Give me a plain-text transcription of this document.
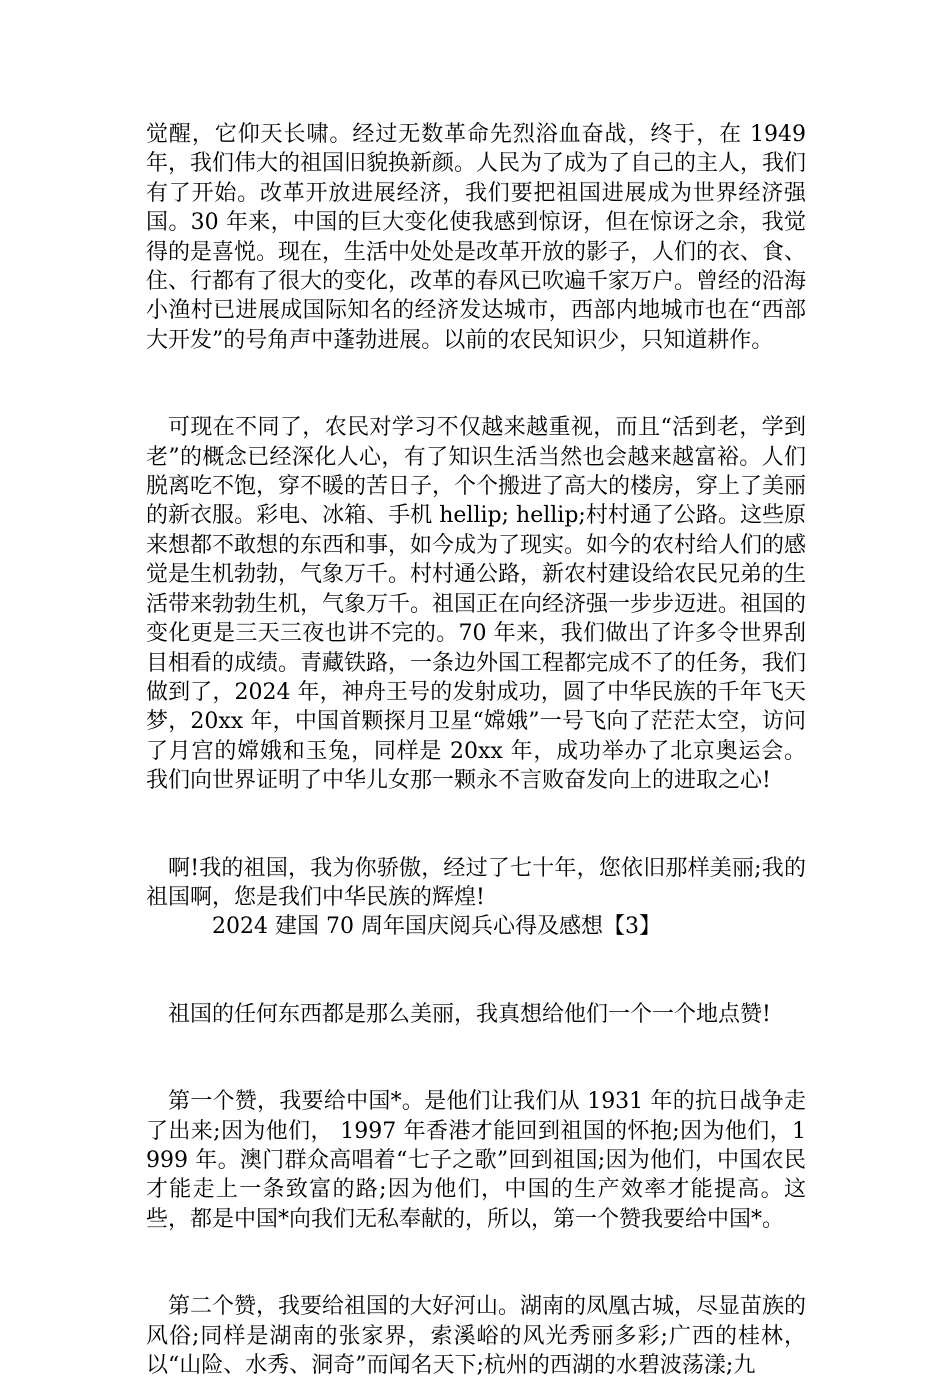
觉醒，它仰天长啸。经过无数革命先烈浴血奋战，终于，在 1949 年，我们伟大的祖国旧貌换新颜。人民为了成为了自己的主人，我们有了开始。改革开放进展经济，我们要把祖国进展成为世界经济强国。30 年来，中国的巨大变化使我感到惊讶，但在惊讶之余，我觉得的是喜悦。现在，生活中处处是改革开放的影子，人们的衣、食、住、行都有了很大的变化，改革的春风已吹遍千家万户。曾经的沿海小渔村已进展成国际知名的经济发达城市，西部内地城市也在“西部大开发”的号角声中蓬勃进展。以前的农民知识少，只知道耕作。

可现在不同了，农民对学习不仅越来越重视，而且“活到老，学到老”的概念已经深化人心，有了知识生活当然也会越来越富裕。人们脱离吃不饱，穿不暖的苦日子，个个搬进了高大的楼房，穿上了美丽的新衣服。彩电、冰箱、手机 hellip; hellip;村村通了公路。这些原来想都不敢想的东西和事，如今成为了现实。如今的农村给人们的感觉是生机勃勃，气象万千。村村通公路，新农村建设给农民兄弟的生活带来勃勃生机，气象万千。祖国正在向经济强一步步迈进。祖国的变化更是三天三夜也讲不完的。70 年来，我们做出了许多令世界刮目相看的成绩。青藏铁路，一条边外国工程都完成不了的任务，我们做到了，2024 年，神舟王号的发射成功，圆了中华民族的千年飞天梦，20xx 年，中国首颗探月卫星“嫦娥”一号飞向了茫茫太空，访问了月宫的嫦娥和玉兔，同样是 20xx 年，成功举办了北京奥运会。我们向世界证明了中华儿女那一颗永不言败奋发向上的进取之心!

啊!我的祖国，我为你骄傲，经过了七十年，您依旧那样美丽;我的祖国啊，您是我们中华民族的辉煌!

2024 建国 70 周年国庆阅兵心得及感想【3】

祖国的任何东西都是那么美丽，我真想给他们一个一个地点赞!

第一个赞，我要给中国*。是他们让我们从 1931 年的抗日战争走了出来;因为他们， 1997 年香港才能回到祖国的怀抱;因为他们，1999 年。澳门群众高唱着“七子之歌”回到祖国;因为他们，中国农民才能走上一条致富的路;因为他们，中国的生产效率才能提高。这些，都是中国*向我们无私奉献的，所以，第一个赞我要给中国*。

第二个赞，我要给祖国的大好河山。湖南的凤凰古城，尽显苗族的风俗;同样是湖南的张家界，索溪峪的风光秀丽多彩;广西的桂林，以“山险、水秀、洞奇”而闻名天下;杭州的西湖的水碧波荡漾;九
